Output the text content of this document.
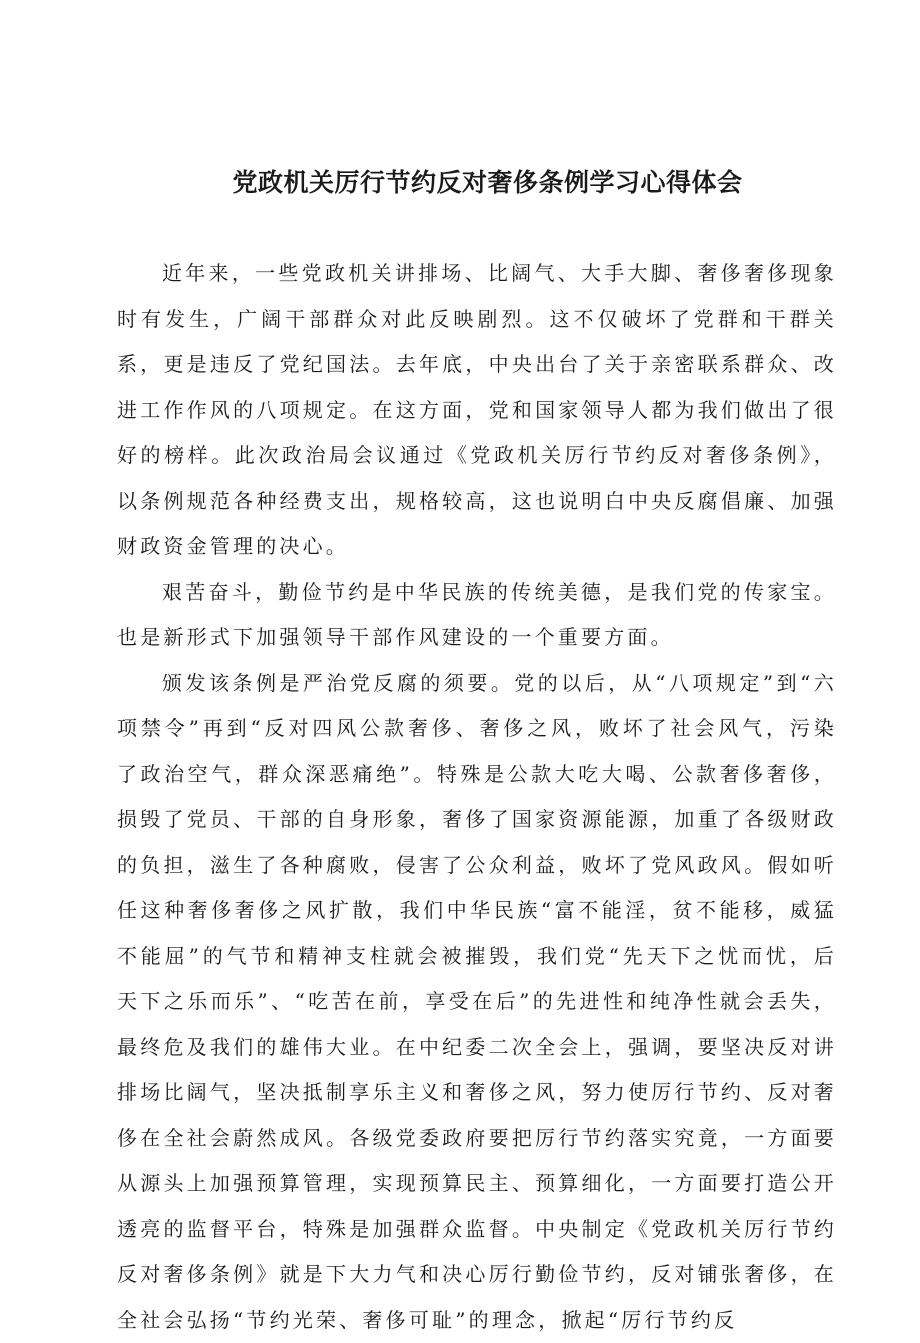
党政机关厉行节约反对奢侈条例学习心得体会

近年来，一些党政机关讲排场、比阔气、大手大脚、奢侈奢侈现象时有发生，广阔干部群众对此反映剧烈。这不仅破坏了党群和干群关系，更是违反了党纪国法。去年底，中央出台了关于亲密联系群众、改进工作作风的八项规定。在这方面，党和国家领导人都为我们做出了很好的榜样。此次政治局会议通过《党政机关厉行节约反对奢侈条例》，以条例规范各种经费支出，规格较高，这也说明白中央反腐倡廉、加强财政资金管理的决心。

艰苦奋斗，勤俭节约是中华民族的传统美德，是我们党的传家宝。也是新形式下加强领导干部作风建设的一个重要方面。

颁发该条例是严治党反腐的须要。党的以后，从“八项规定”到“六项禁令”再到“反对四风公款奢侈、奢侈之风，败坏了社会风气，污染了政治空气，群众深恶痛绝”。特殊是公款大吃大喝、公款奢侈奢侈，损毁了党员、干部的自身形象，奢侈了国家资源能源，加重了各级财政的负担，滋生了各种腐败，侵害了公众利益，败坏了党风政风。假如听任这种奢侈奢侈之风扩散，我们中华民族“富不能淫，贫不能移，威猛不能屈”的气节和精神支柱就会被摧毁，我们党“先天下之忧而忧，后天下之乐而乐”、“吃苦在前，享受在后”的先进性和纯净性就会丢失，最终危及我们的雄伟大业。在中纪委二次全会上，强调，要坚决反对讲排场比阔气，坚决抵制享乐主义和奢侈之风，努力使厉行节约、反对奢侈在全社会蔚然成风。各级党委政府要把厉行节约落实究竟，一方面要从源头上加强预算管理，实现预算民主、预算细化，一方面要打造公开透亮的监督平台，特殊是加强群众监督。中央制定《党政机关厉行节约反对奢侈条例》就是下大力气和决心厉行勤俭节约，反对铺张奢侈，在全社会弘扬“节约光荣、奢侈可耻”的理念，掀起“厉行节约反
